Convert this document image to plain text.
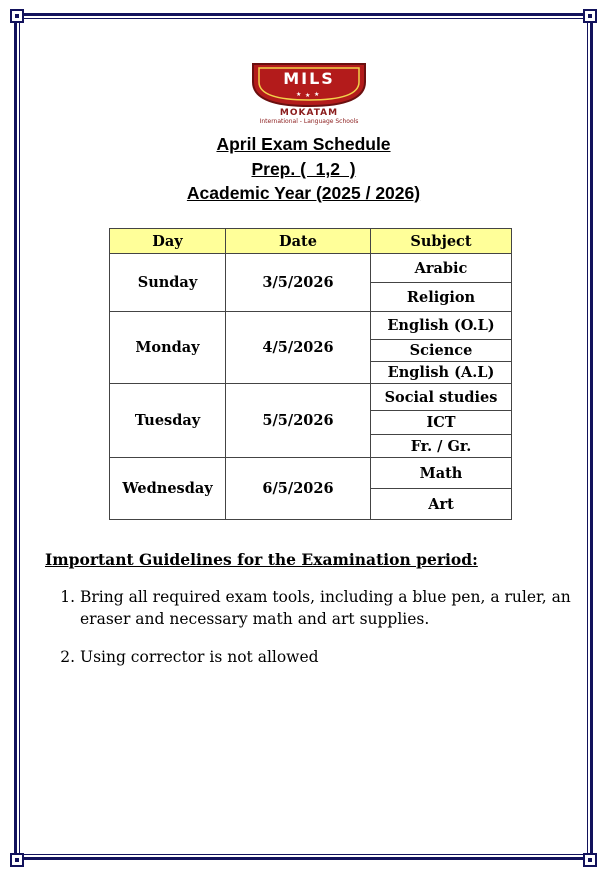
★ ★ ★
MILS
MOKATAM
International - Language Schools
April Exam Schedule
Prep. (  1,2  )
Academic Year (2025 / 2026)
Day	Date	Subject
Sunday	3/5/2026	Arabic
		Religion
Monday	4/5/2026	English (O.L)
		Science
		English (A.L)
Tuesday	5/5/2026	Social studies
		ICT
		Fr. / Gr.
Wednesday	6/5/2026	Math
		Art
Important Guidelines for the Examination period:
1. Bring all required exam tools, including a blue pen, a ruler, an eraser and necessary math and art supplies.
2. Using corrector is not allowed
